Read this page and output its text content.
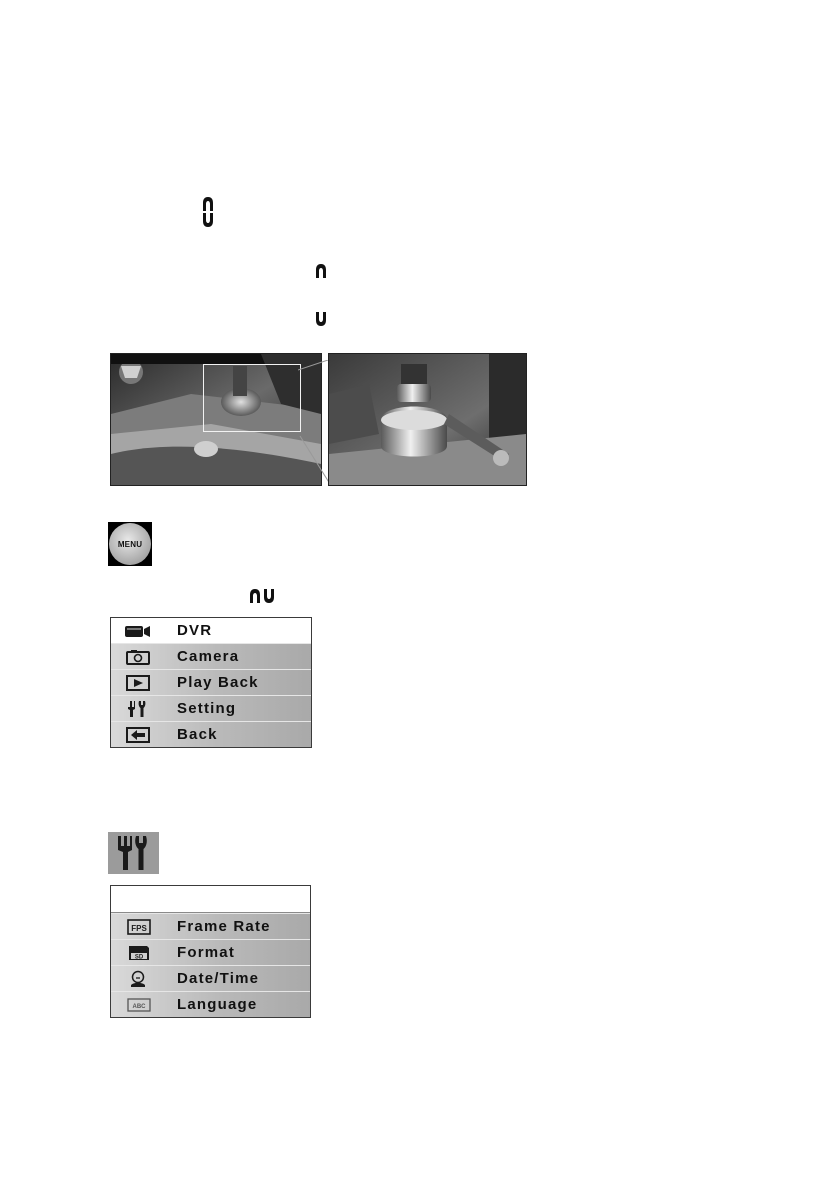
MENU
DVR
Camera
Play Back
Setting
Back
FPS Frame Rate
SD Format
Date/Time
ABC Language
